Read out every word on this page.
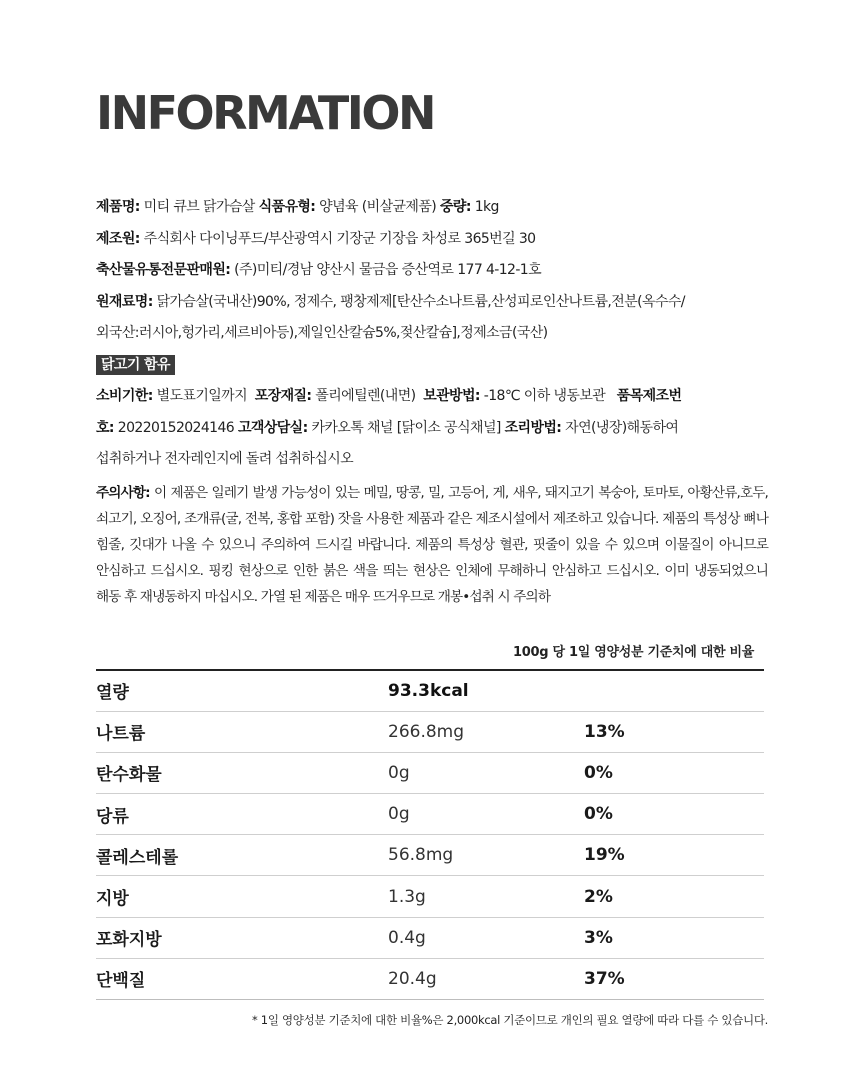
INFORMATION
제품명: 미티 큐브 닭가슴살 식품유형: 양념육 (비살균제품) 중량: 1kg
제조원: 주식회사 다이닝푸드/부산광역시 기장군 기장읍 차성로 365번길 30
축산물유통전문판매원: (주)미티/경남 양산시 물금읍 증산역로 177 4-12-1호
원재료명: 닭가슴살(국내산)90%, 정제수, 팽창제제[탄산수소나트륨,산성피로인산나트륨,전분(옥수수/
외국산:러시아,헝가리,세르비아등),제일인산칼슘5%,젖산칼슘],정제소금(국산)
닭고기 함유
소비기한: 별도표기일까지 포장재질: 폴리에틸렌(내면) 보관방법: -18℃ 이하 냉동보관 품목제조번
호: 20220152024146 고객상담실: 카카오톡 채널 [닭이소 공식채널] 조리방법: 자연(냉장)해동하여
섭취하거나 전자레인지에 돌려 섭취하십시오
주의사항: 이 제품은 일레기 발생 가능성이 있는 메밀, 땅콩, 밀, 고등어, 게, 새우, 돼지고기 복숭아, 토마토, 아황산류,호두, 쇠고기, 오징어, 조개류(굴, 전복, 홍합 포함) 잣을 사용한 제품과 같은 제조시설에서 제조하고 있습니다. 제품의 특성상 뼈나 힘줄, 깃대가 나올 수 있으니 주의하여 드시길 바랍니다. 제품의 특성상 혈관, 핏줄이 있을 수 있으며 이물질이 아니므로 안심하고 드십시오. 핑킹 현상으로 인한 붉은 색을 띄는 현상은 인체에 무해하니 안심하고 드십시오. 이미 냉동되었으니 해동 후 재냉동하지 마십시오. 가열 된 제품은 매우 뜨거우므로 개봉•섭취 시 주의하
100g 당 1일 영양성분 기준치에 대한 비율
열량	93.3kcal	
나트륨	266.8mg	13%
탄수화물	0g	0%
당류	0g	0%
콜레스테롤	56.8mg	19%
지방	1.3g	2%
포화지방	0.4g	3%
단백질	20.4g	37%
* 1일 영양성분 기준치에 대한 비율%은 2,000kcal 기준이므로 개인의 필요 열량에 따라 다를 수 있습니다.
